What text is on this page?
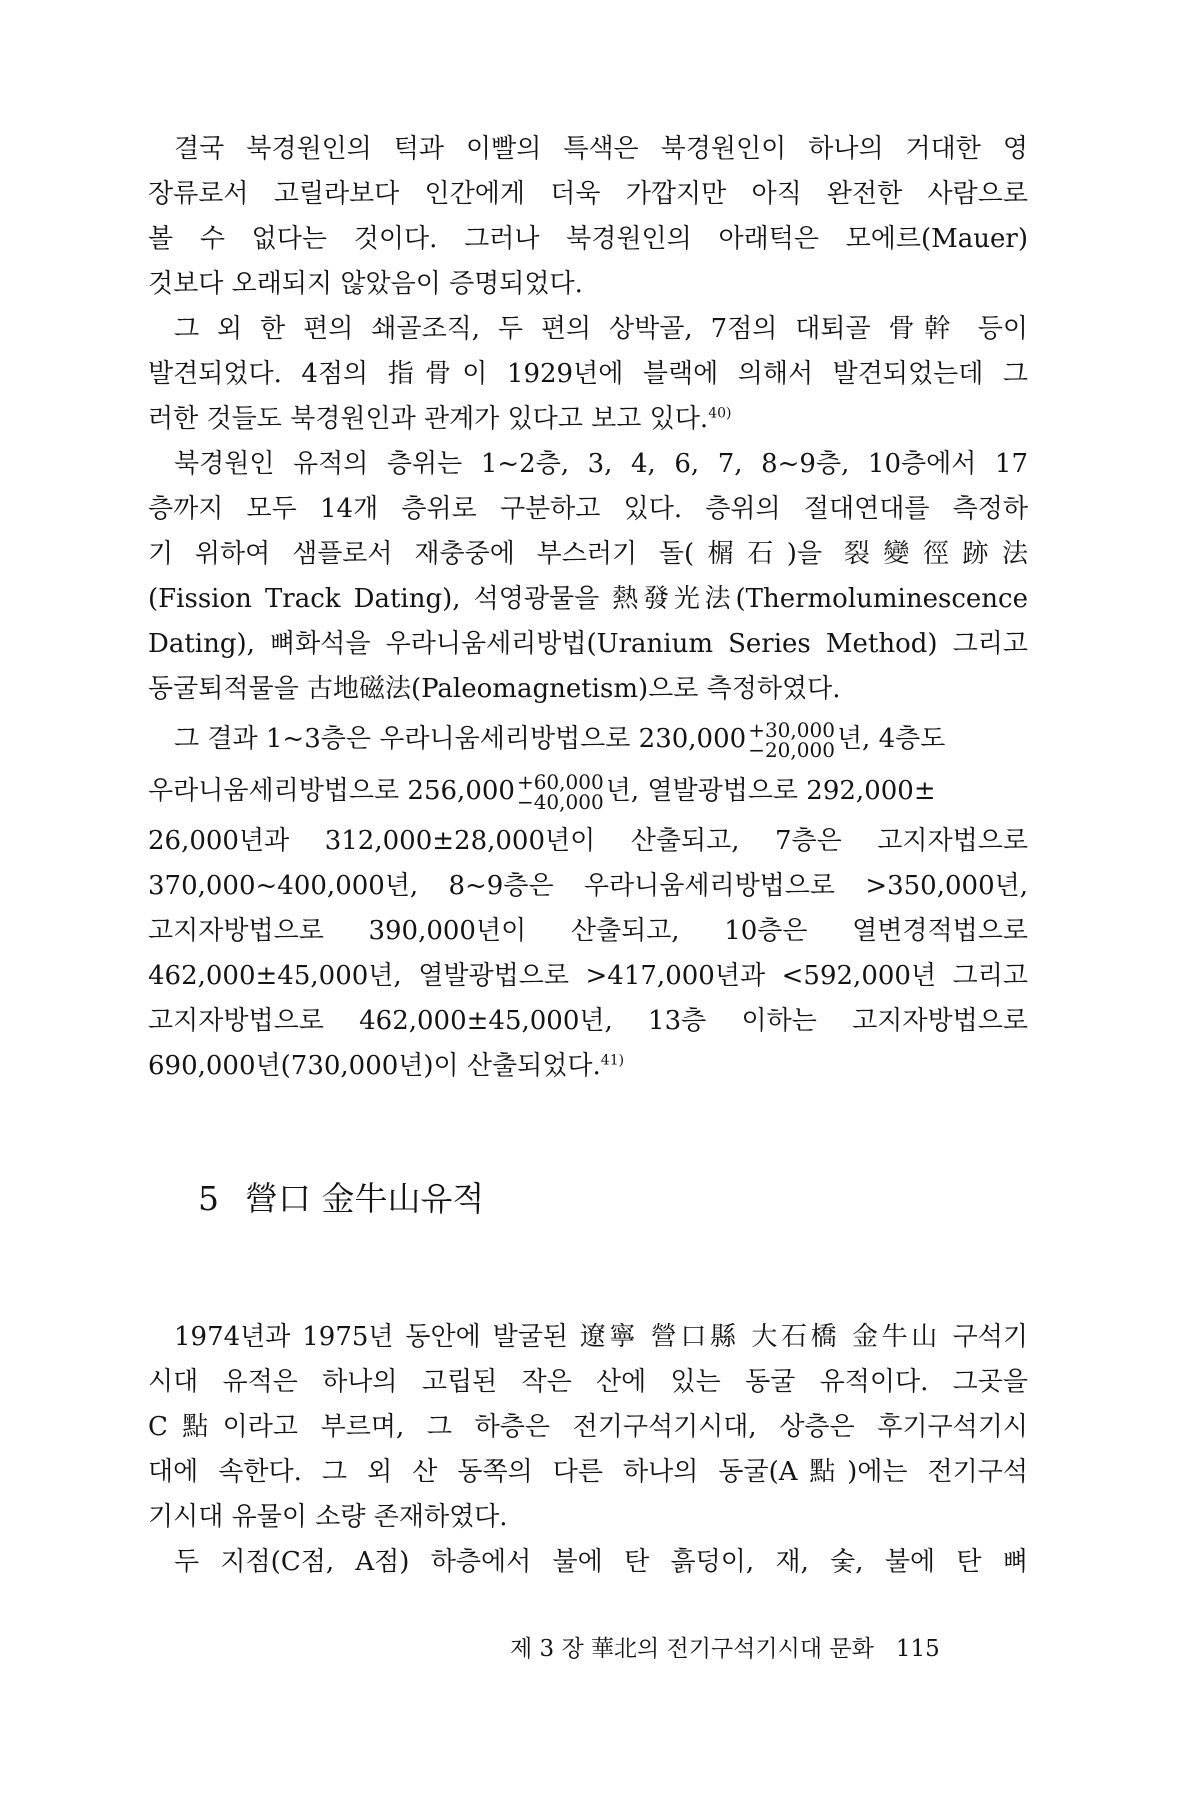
결국 북경원인의 턱과 이빨의 특색은 북경원인이 하나의 거대한 영
장류로서 고릴라보다 인간에게 더욱 가깝지만 아직 완전한 사람으로
볼 수 없다는 것이다. 그러나 북경원인의 아래턱은 모에르(Mauer)
것보다 오래되지 않았음이 증명되었다.
그 외 한 편의 쇄골조직, 두 편의 상박골, 7점의 대퇴골 骨幹 등이
발견되었다. 4점의 指骨이 1929년에 블랙에 의해서 발견되었는데 그
러한 것들도 북경원인과 관계가 있다고 보고 있다.$^{40)}$
북경원인 유적의 층위는 1~2층, 3, 4, 6, 7, 8~9층, 10층에서 17
층까지 모두 14개 층위로 구분하고 있다. 층위의 절대연대를 측정하
기 위하여 샘플로서 재충중에 부스러기 돌(榍石)을 裂變徑跡法
(Fission Track Dating), 석영광물을 熱發光法(Thermoluminescence
Dating), 뼈화석을 우라니움세리방법(Uranium Series Method) 그리고
동굴퇴적물을 古地磁法(Paleomagnetism)으로 측정하였다.
그 결과 1~3층은 우라니움세리방법으로 230,000 +30,000
−20,000 년, 4층도
우라니움세리방법으로 256,000 +60,000
−40,000 년, 열발광법으로 292,000±
26,000년과 312,000±28,000년이 산출되고, 7층은 고지자법으로
370,000~400,000년, 8~9층은 우라니움세리방법으로 >350,000년,
고지자방법으로 390,000년이 산출되고, 10층은 열변경적법으로
462,000±45,000년, 열발광법으로 >417,000년과 <592,000년 그리고
고지자방법으로 462,000±45,000년, 13층 이하는 고지자방법으로
690,000년(730,000년)이 산출되었다.$^{41)}$
5 營口 金牛山유적
1974년과 1975년 동안에 발굴된 遼寧 營口縣 大石橋 金牛山 구석기
시대 유적은 하나의 고립된 작은 산에 있는 동굴 유적이다. 그곳을
C點이라고 부르며, 그 하층은 전기구석기시대, 상층은 후기구석기시
대에 속한다. 그 외 산 동쪽의 다른 하나의 동굴(A點)에는 전기구석
기시대 유물이 소량 존재하였다.
두 지점(C점, A점) 하층에서 불에 탄 흙덩이, 재, 숯, 불에 탄 뼈
제 3 장 華北의 전기구석기시대 문화 115
